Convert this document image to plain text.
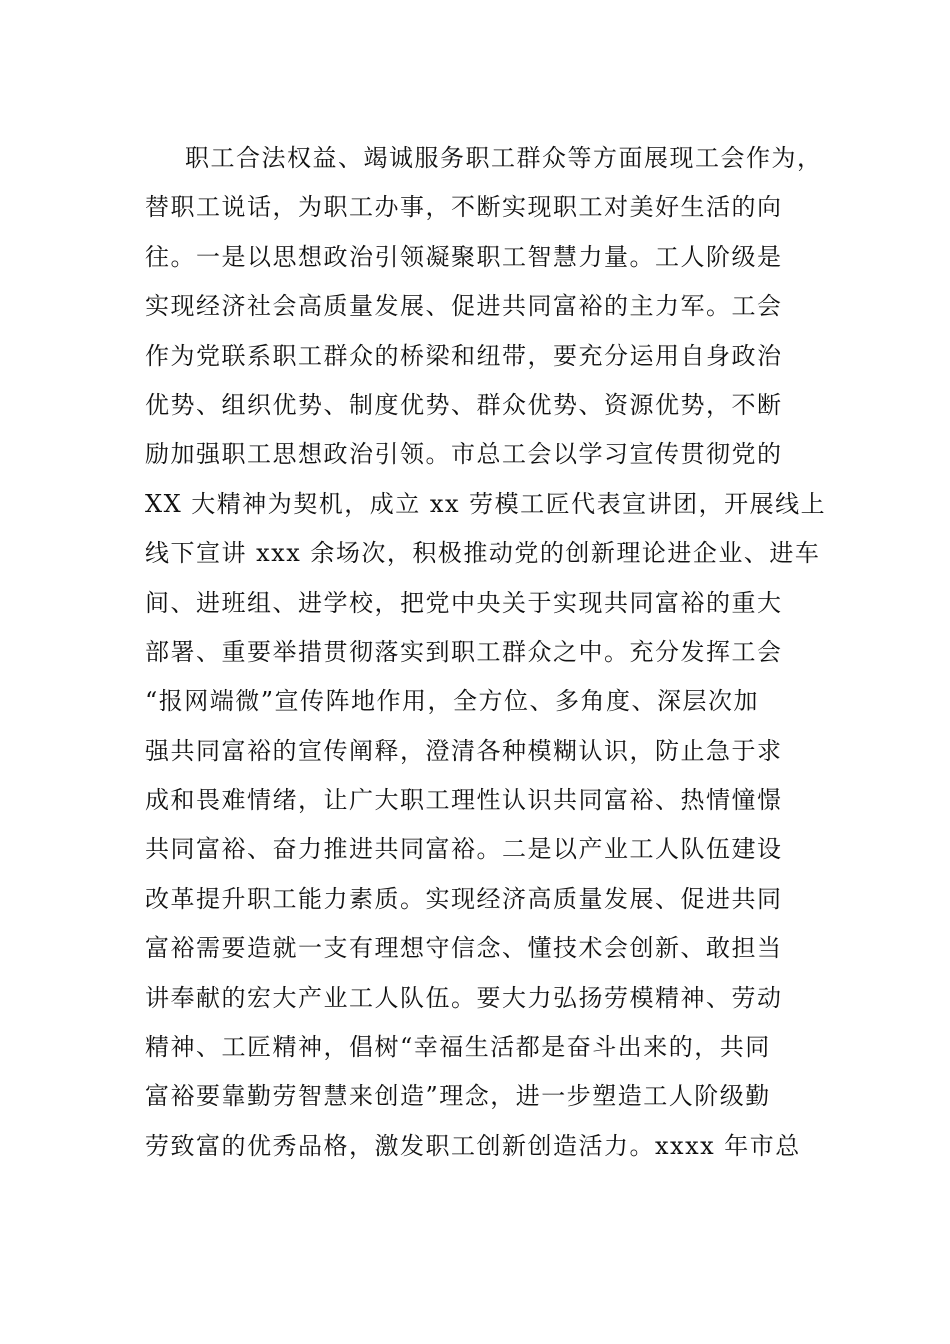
职工合法权益、竭诚服务职工群众等方面展现工会作为，
替职工说话，为职工办事，不断实现职工对美好生活的向
往。一是以思想政治引领凝聚职工智慧力量。工人阶级是
实现经济社会高质量发展、促进共同富裕的主力军。工会
作为党联系职工群众的桥梁和纽带，要充分运用自身政治
优势、组织优势、制度优势、群众优势、资源优势，不断
励加强职工思想政治引领。市总工会以学习宣传贯彻党的
XX 大精神为契机，成立 xx 劳模工匠代表宣讲团，开展线上
线下宣讲 xxx 余场次，积极推动党的创新理论进企业、进车
间、进班组、进学校，把党中央关于实现共同富裕的重大
部署、重要举措贯彻落实到职工群众之中。充分发挥工会
“报网端微”宣传阵地作用，全方位、多角度、深层次加
强共同富裕的宣传阐释，澄清各种模糊认识，防止急于求
成和畏难情绪，让广大职工理性认识共同富裕、热情憧憬
共同富裕、奋力推进共同富裕。二是以产业工人队伍建设
改革提升职工能力素质。实现经济高质量发展、促进共同
富裕需要造就一支有理想守信念、懂技术会创新、敢担当
讲奉献的宏大产业工人队伍。要大力弘扬劳模精神、劳动
精神、工匠精神，倡树“幸福生活都是奋斗出来的，共同
富裕要靠勤劳智慧来创造”理念，进一步塑造工人阶级勤
劳致富的优秀品格，激发职工创新创造活力。xxxx 年市总
